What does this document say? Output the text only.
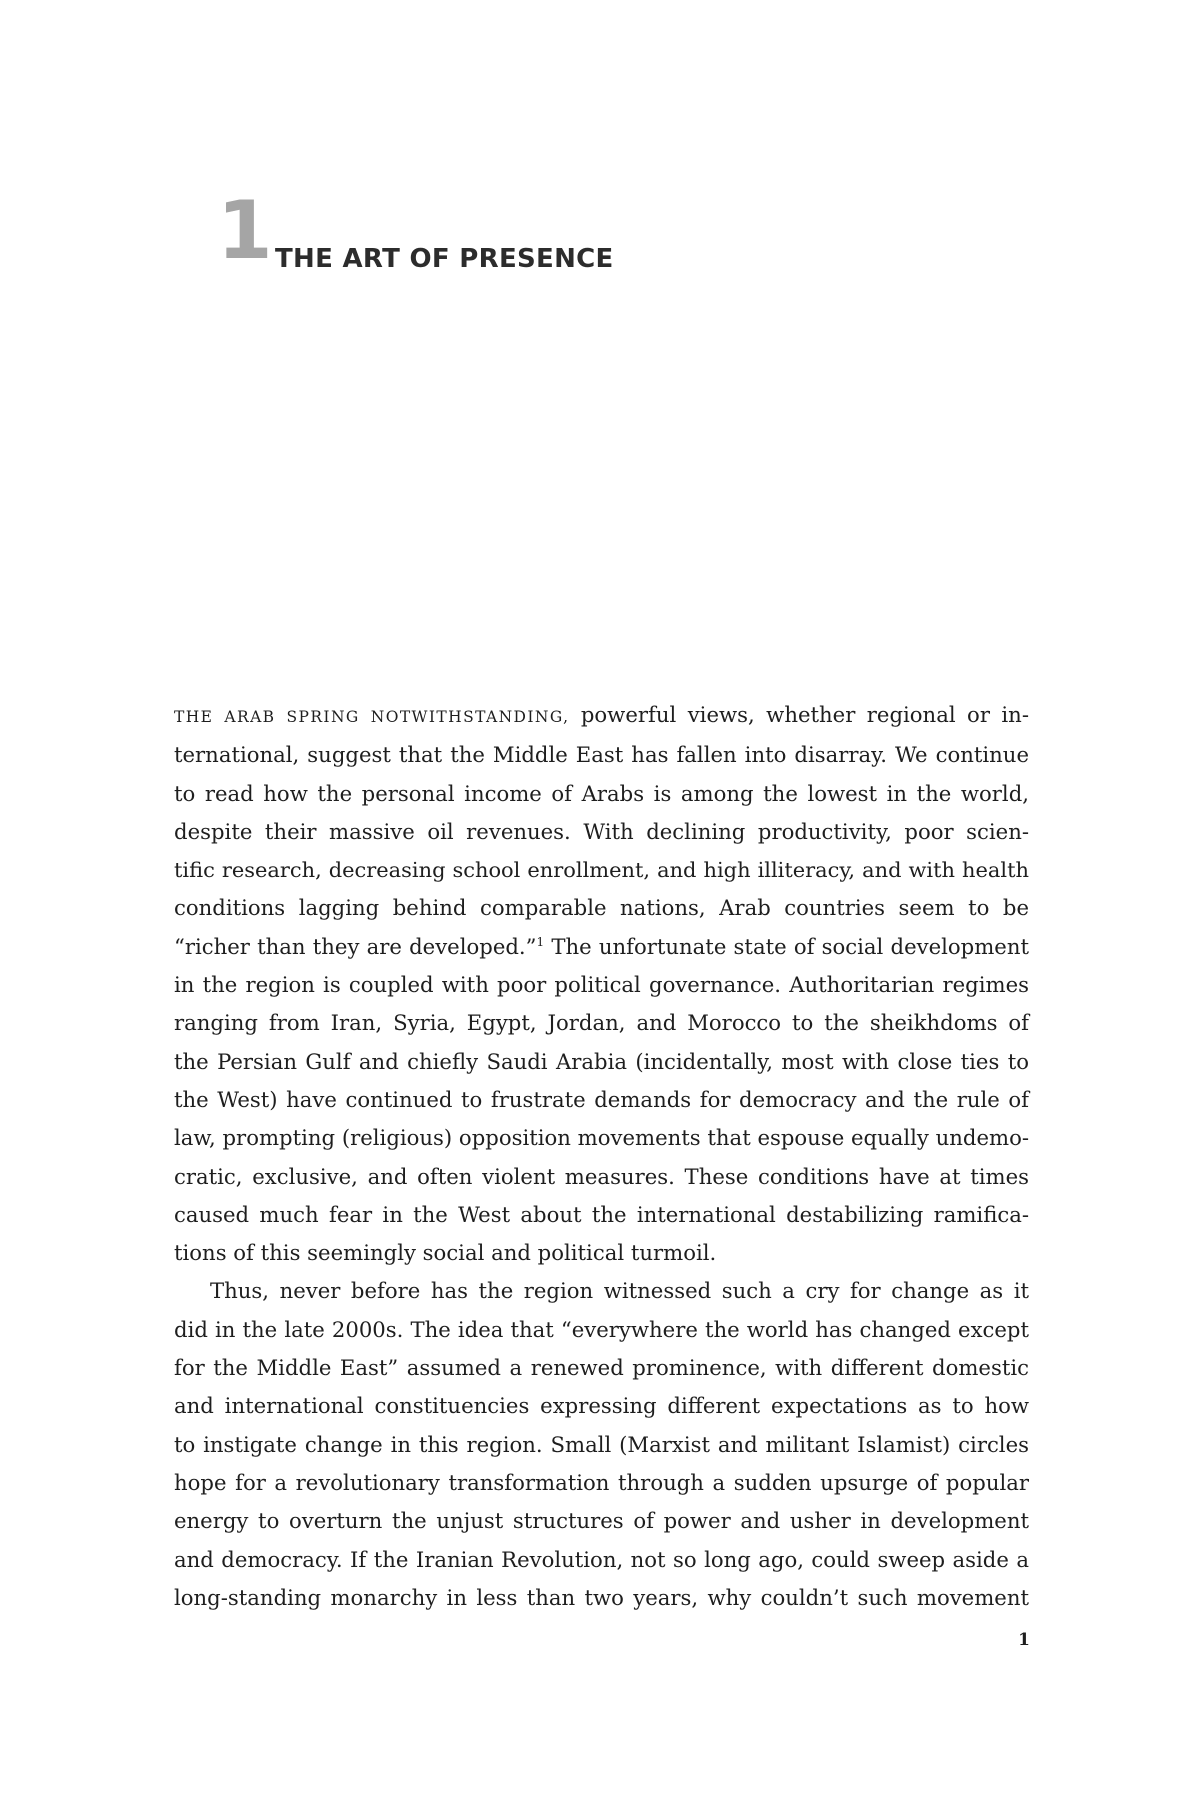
1 THE ART OF PRESENCE
THE ARAB SPRING NOTWITHSTANDING, powerful views, whether regional or in-
ternational, suggest that the Middle East has fallen into disarray. We continue
to read how the personal income of Arabs is among the lowest in the world,
despite their massive oil revenues. With declining productivity, poor scien-
tific research, decreasing school enrollment, and high illiteracy, and with health
conditions lagging behind comparable nations, Arab countries seem to be
“richer than they are developed.”$^1$ The unfortunate state of social development
in the region is coupled with poor political governance. Authoritarian regimes
ranging from Iran, Syria, Egypt, Jordan, and Morocco to the sheikhdoms of
the Persian Gulf and chiefly Saudi Arabia (incidentally, most with close ties to
the West) have continued to frustrate demands for democracy and the rule of
law, prompting (religious) opposition movements that espouse equally undemo-
cratic, exclusive, and often violent measures. These conditions have at times
caused much fear in the West about the international destabilizing ramifica-
tions of this seemingly social and political turmoil.
Thus, never before has the region witnessed such a cry for change as it
did in the late 2000s. The idea that “everywhere the world has changed except
for the Middle East” assumed a renewed prominence, with different domestic
and international constituencies expressing different expectations as to how
to instigate change in this region. Small (Marxist and militant Islamist) circles
hope for a revolutionary transformation through a sudden upsurge of popular
energy to overturn the unjust structures of power and usher in development
and democracy. If the Iranian Revolution, not so long ago, could sweep aside a
long-standing monarchy in less than two years, why couldn’t such movement
1
